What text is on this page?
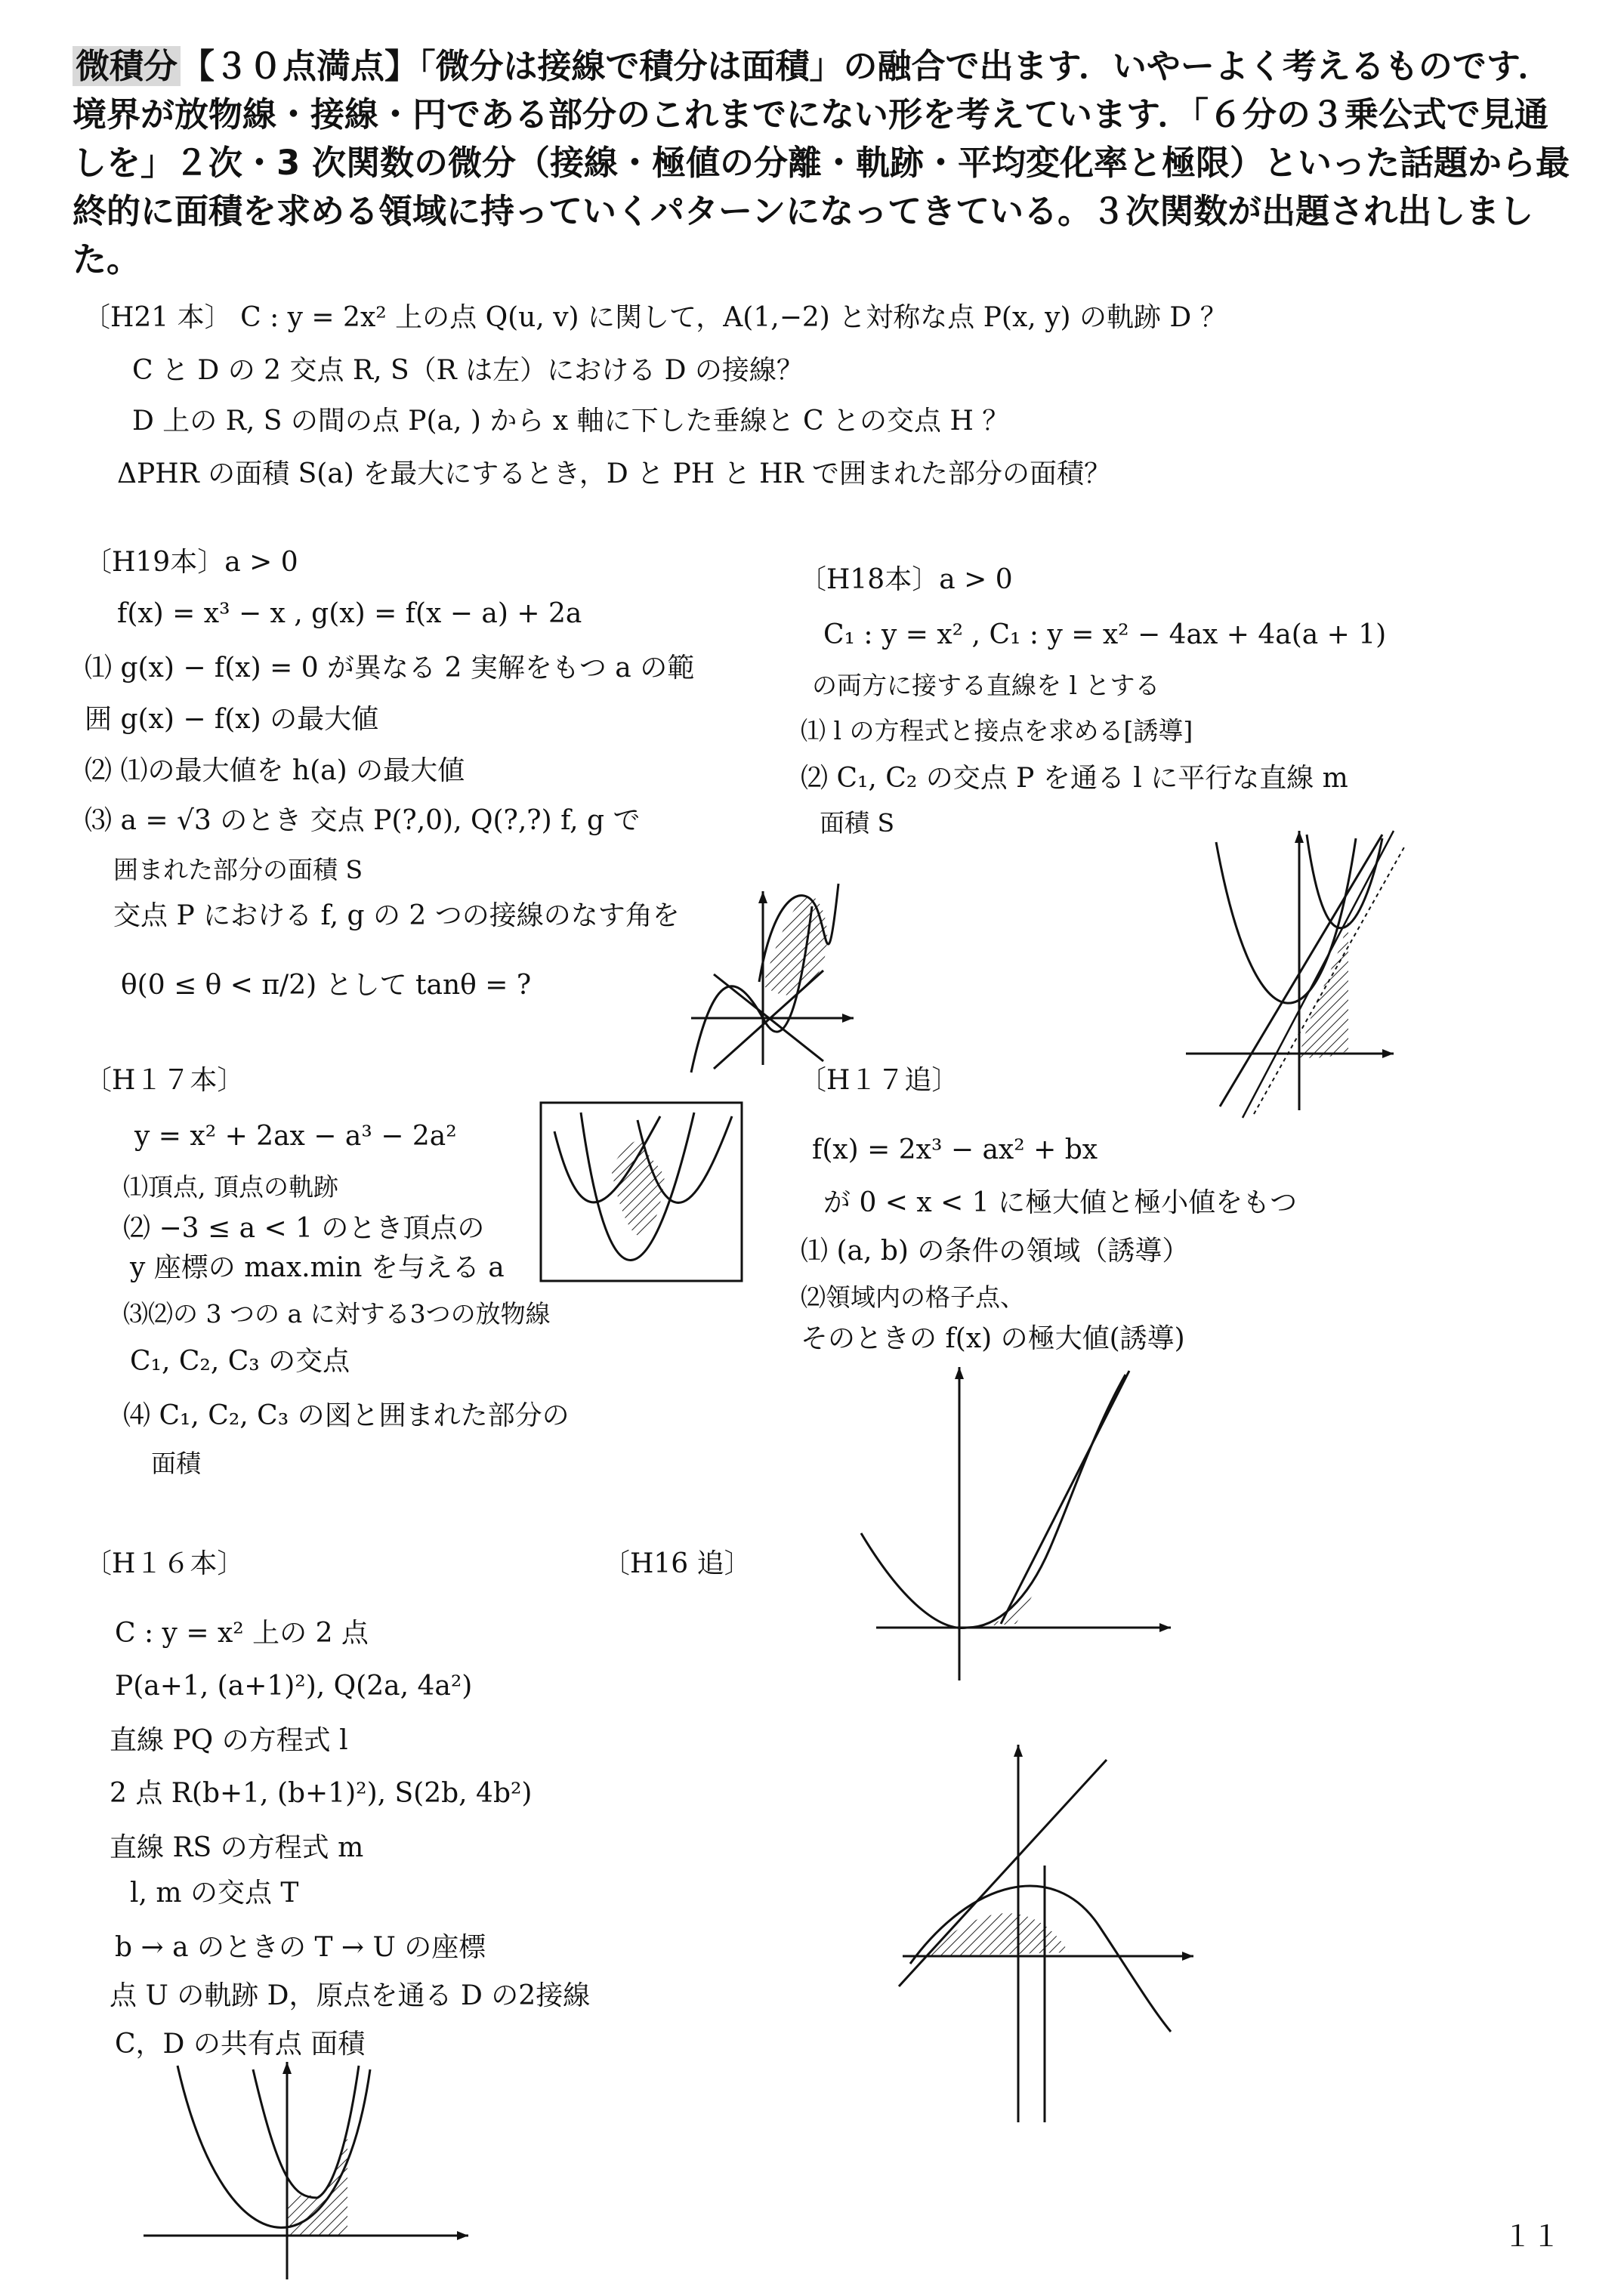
微積分【３０点満点】「微分は接線で積分は面積」の融合で出ます．いやーよく考えるものです．境界が放物線・接線・円である部分のこれまでにない形を考えています．「６分の３乗公式で見通しを」２次・3 次関数の微分（接線・極値の分離・軌跡・平均変化率と極限）といった話題から最終的に面積を求める領域に持っていくパターンになってきている。３次関数が出題され出しました。
〔H21 本〕 C : y = 2x² 上の点 Q(u, v) に関して，A(1,−2) と対称な点 P(x, y) の軌跡 D ？
C と D の 2 交点 R, S（R は左）における D の接線？
D 上の R, S の間の点 P(a, ) から x 軸に下した垂線と C との交点 H ？
ΔPHR の面積 S(a) を最大にするとき，D と PH と HR で囲まれた部分の面積？
〔H19本〕a > 0
f(x) = x³ − x , g(x) = f(x − a) + 2a
⑴ g(x) − f(x) = 0 が異なる 2 実解をもつ a の範
囲 g(x) − f(x) の最大値
⑵ ⑴の最大値を h(a) の最大値
⑶ a = √3 のとき 交点 P(?,0), Q(?,?) f, g で
囲まれた部分の面積 S
交点 P における f, g の 2 つの接線のなす角を
θ(0 ≤ θ < π/2) として tanθ = ?
〔H18本〕a > 0
C₁ : y = x² , C₁ : y = x² − 4ax + 4a(a + 1)
の両方に接する直線を l とする
⑴ l の方程式と接点を求める[誘導]
⑵ C₁, C₂ の交点 P を通る l に平行な直線 m
面積 S
〔H１７本〕
y = x² + 2ax − a³ − 2a²
⑴頂点, 頂点の軌跡
⑵ −3 ≤ a < 1 のとき頂点の
y 座標の max.min を与える a
⑶⑵の 3 つの a に対する3つの放物線
C₁, C₂, C₃ の交点
⑷ C₁, C₂, C₃ の図と囲まれた部分の
面積
〔H１７追〕
f(x) = 2x³ − ax² + bx
が 0 < x < 1 に極大値と極小値をもつ
⑴ (a, b) の条件の領域（誘導）
⑵領域内の格子点、
そのときの f(x) の極大値(誘導)
〔H１６本〕	〔H16 追〕
C : y = x² 上の 2 点
P(a+1, (a+1)²), Q(2a, 4a²)
直線 PQ の方程式 l
2 点 R(b+1, (b+1)²), S(2b, 4b²)
直線 RS の方程式 m
l, m の交点 T
b → a のときの T → U の座標
点 U の軌跡 D，原点を通る D の2接線
C，D の共有点 面積
１１
